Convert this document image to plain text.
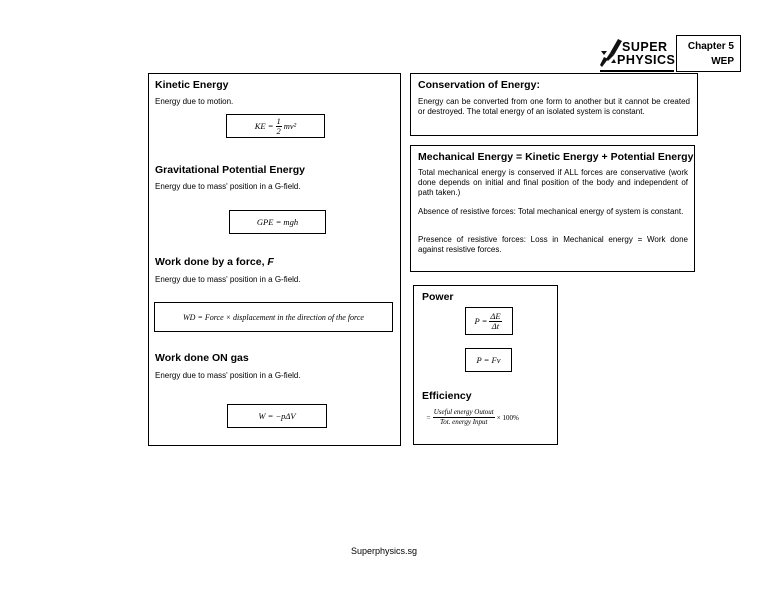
SUPER
PHYSICS
Chapter 5
WEP
Kinetic Energy
Energy due to motion.
KE = $\frac{1}{2} mv^2$
Gravitational Potential Energy
Energy due to mass' position in a G-field.
GPE = mgh
Work done by a force, F
Energy due to mass' position in a G-field.
WD = Force × displacement in the direction of the force
Work done ON gas
Energy due to mass' position in a G-field.
W = −pΔV
Conservation of Energy:
Energy can be converted from one form to another but it cannot be created or destroyed. The total energy of an isolated system is constant.
Mechanical Energy = Kinetic Energy + Potential Energy
Total mechanical energy is conserved if ALL forces are conservative (work done depends on initial and final position of the body and independent of path taken.)
Absence of resistive forces: Total mechanical energy of system is constant.
Presence of resistive forces: Loss in Mechanical energy = Work done against resistive forces.
Power
$P = \frac{\Delta E}{\Delta t}$
P = Fv
Efficiency
= $\frac{\text{Useful energy Outout}}{\text{Tot. energy Input}} \times 100\%$
Superphysics.sg
